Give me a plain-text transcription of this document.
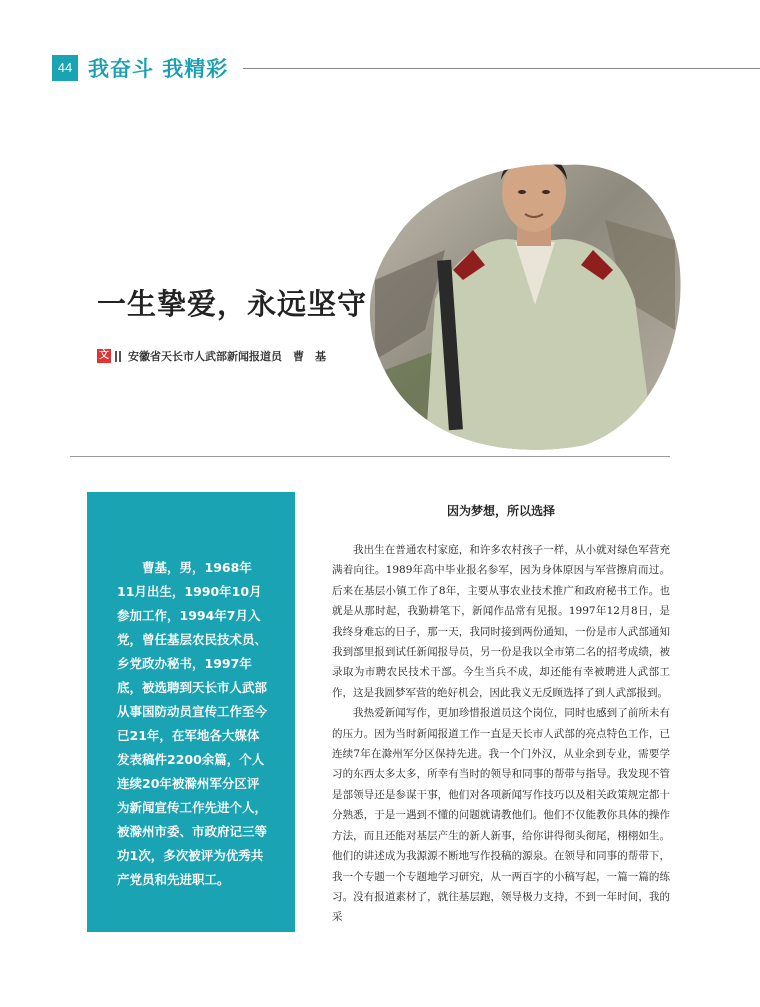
44 我奋斗 我精彩
一生挚爱，永远坚守
文 安徽省天长市人武部新闻报道员　曹　基

曹基，男，1968年11月出生，1990年10月参加工作，1994年7月入党，曾任基层农民技术员、乡党政办秘书，1997年底，被选聘到天长市人武部从事国防动员宣传工作至今已21年，在军地各大媒体发表稿件2200余篇，个人连续20年被滁州军分区评为新闻宣传工作先进个人，被滁州市委、市政府记三等功1次，多次被评为优秀共产党员和先进职工。

因为梦想，所以选择

我出生在普通农村家庭，和许多农村孩子一样，从小就对绿色军营充满着向往。1989年高中毕业报名参军，因为身体原因与军营擦肩而过。后来在基层小镇工作了8年，主要从事农业技术推广和政府秘书工作。也就是从那时起，我勤耕笔下，新闻作品常有见报。1997年12月8日，是我终身难忘的日子，那一天，我同时接到两份通知，一份是市人武部通知我到部里报到试任新闻报导员，另一份是我以全市第二名的招考成绩，被录取为市聘农民技术干部。今生当兵不成，却还能有幸被聘进人武部工作，这是我圆梦军营的绝好机会，因此我义无反顾选择了到人武部报到。

我热爱新闻写作，更加珍惜报道员这个岗位，同时也感到了前所未有的压力。因为当时新闻报道工作一直是天长市人武部的亮点特色工作，已连续7年在滁州军分区保持先进。我一个门外汉，从业余到专业，需要学习的东西太多太多，所幸有当时的领导和同事的帮带与指导。我发现不管是部领导还是参谋干事，他们对各项新闻写作技巧以及相关政策规定都十分熟悉，于是一遇到不懂的问题就请教他们。他们不仅能教你具体的操作方法，而且还能对基层产生的新人新事，给你讲得彻头彻尾，栩栩如生。他们的讲述成为我源源不断地写作投稿的源泉。在领导和同事的帮带下，我一个专题一个专题地学习研究，从一两百字的小稿写起，一篇一篇的练习。没有报道素材了，就往基层跑，领导极力支持，不到一年时间，我的采
